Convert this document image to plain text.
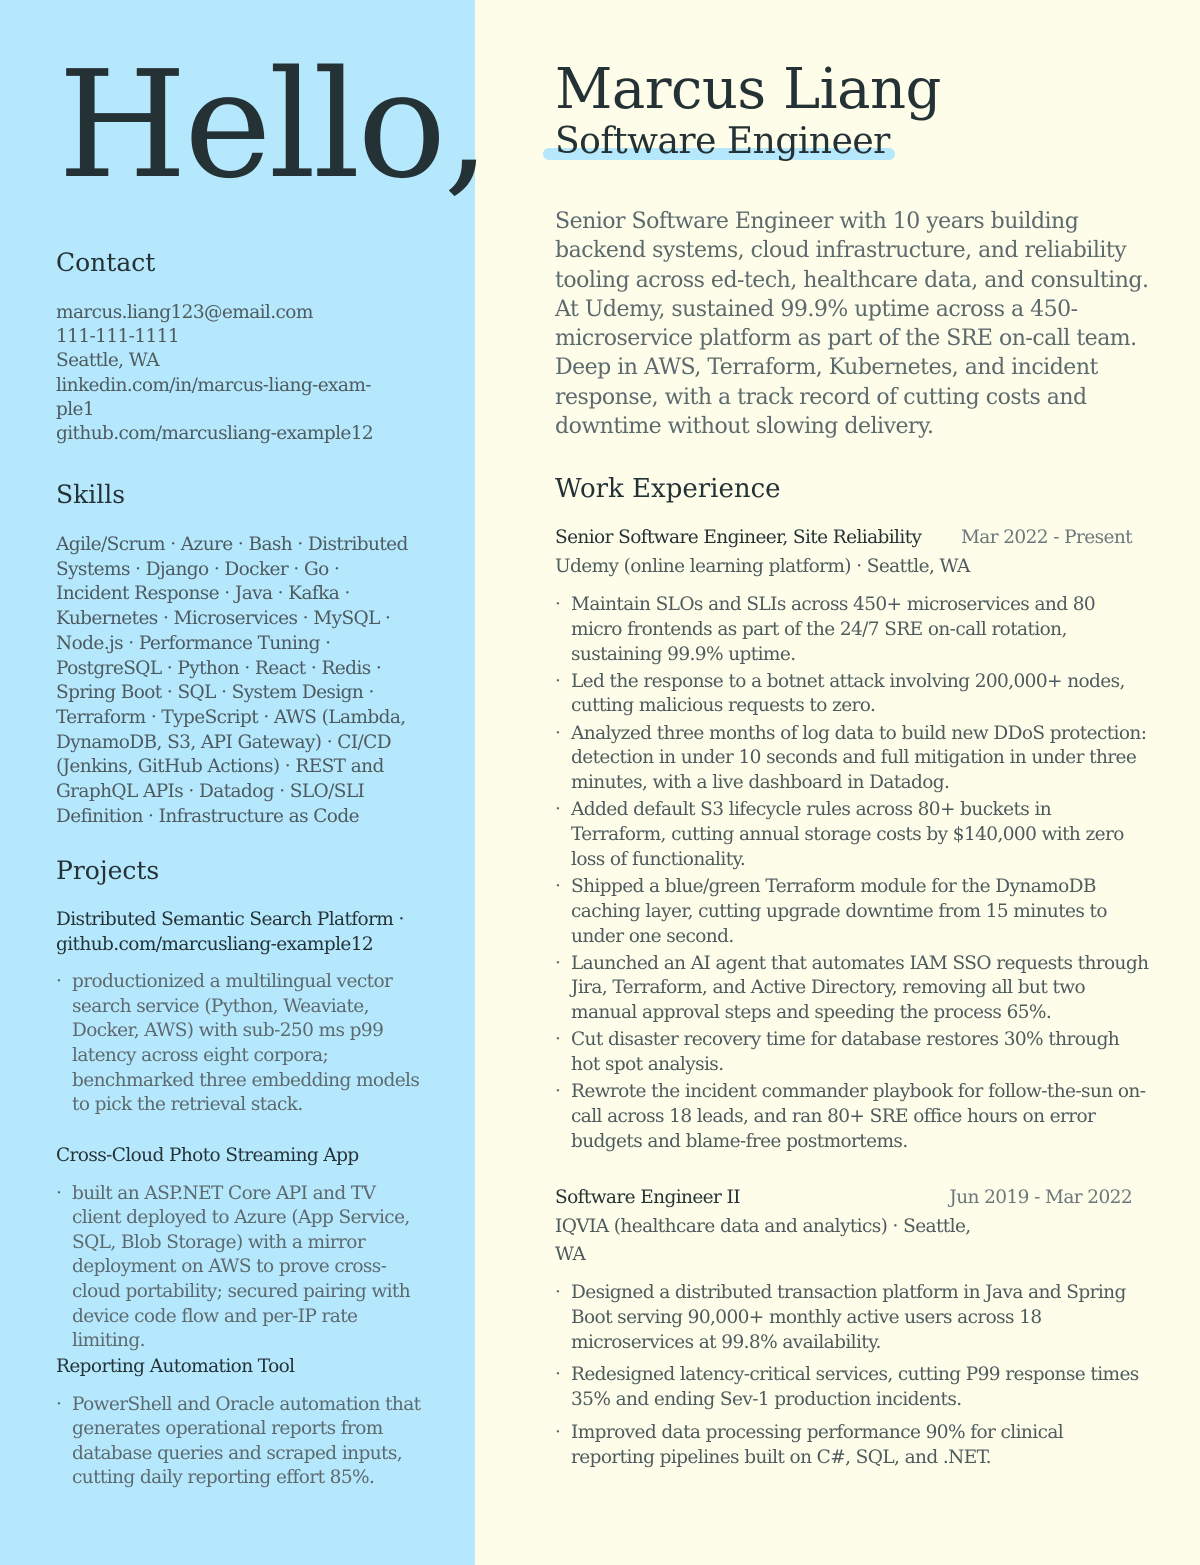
Hello,
Contact
marcus.liang123@email.com
111-111-1111
Seattle, WA
linkedin.com/in/marcus-liang-exam-
ple1
github.com/marcusliang-example12
Skills
Agile/Scrum · Azure · Bash · Distributed Systems · Django · Docker · Go · Incident Response · Java · Kafka · Kubernetes · Microservices · MySQL · Node.js · Performance Tuning · PostgreSQL · Python · React · Redis · Spring Boot · SQL · System Design · Terraform · TypeScript · AWS (Lambda, DynamoDB, S3, API Gateway) · CI/CD (Jenkins, GitHub Actions) · REST and GraphQL APIs · Datadog · SLO/SLI Definition · Infrastructure as Code
Projects
Distributed Semantic Search Platform · github.com/marcusliang-example12
· productionized a multilingual vector search service (Python, Weaviate, Docker, AWS) with sub-250 ms p99 latency across eight corpora; benchmarked three embedding models to pick the retrieval stack.
Cross-Cloud Photo Streaming App
· built an ASP.NET Core API and TV client deployed to Azure (App Service, SQL, Blob Storage) with a mirror deployment on AWS to prove cross-cloud portability; secured pairing with device code flow and per-IP rate limiting.
Reporting Automation Tool
· PowerShell and Oracle automation that generates operational reports from database queries and scraped inputs, cutting daily reporting effort 85%.
Marcus Liang
Software Engineer
Senior Software Engineer with 10 years building backend systems, cloud infrastructure, and reliability tooling across ed-tech, healthcare data, and consulting. At Udemy, sustained 99.9% uptime across a 450-microservice platform as part of the SRE on-call team. Deep in AWS, Terraform, Kubernetes, and incident response, with a track record of cutting costs and downtime without slowing delivery.
Work Experience
Senior Software Engineer, Site Reliability Mar 2022 - Present
Udemy (online learning platform) · Seattle, WA
· Maintain SLOs and SLIs across 450+ microservices and 80 micro frontends as part of the 24/7 SRE on-call rotation, sustaining 99.9% uptime.
· Led the response to a botnet attack involving 200,000+ nodes, cutting malicious requests to zero.
· Analyzed three months of log data to build new DDoS protection: detection in under 10 seconds and full mitigation in under three minutes, with a live dashboard in Datadog.
· Added default S3 lifecycle rules across 80+ buckets in Terraform, cutting annual storage costs by $140,000 with zero loss of functionality.
· Shipped a blue/green Terraform module for the DynamoDB caching layer, cutting upgrade downtime from 15 minutes to under one second.
· Launched an AI agent that automates IAM SSO requests through Jira, Terraform, and Active Directory, removing all but two manual approval steps and speeding the process 65%.
· Cut disaster recovery time for database restores 30% through hot spot analysis.
· Rewrote the incident commander playbook for follow-the-sun on-call across 18 leads, and ran 80+ SRE office hours on error budgets and blame-free postmortems.
Software Engineer II	Jun 2019 - Mar 2022
IQVIA (healthcare data and analytics) · Seattle,
WA
· Designed a distributed transaction platform in Java and Spring Boot serving 90,000+ monthly active users across 18 microservices at 99.8% availability.
· Redesigned latency-critical services, cutting P99 response times 35% and ending Sev-1 production incidents.
· Improved data processing performance 90% for clinical reporting pipelines built on C#, SQL, and .NET.
